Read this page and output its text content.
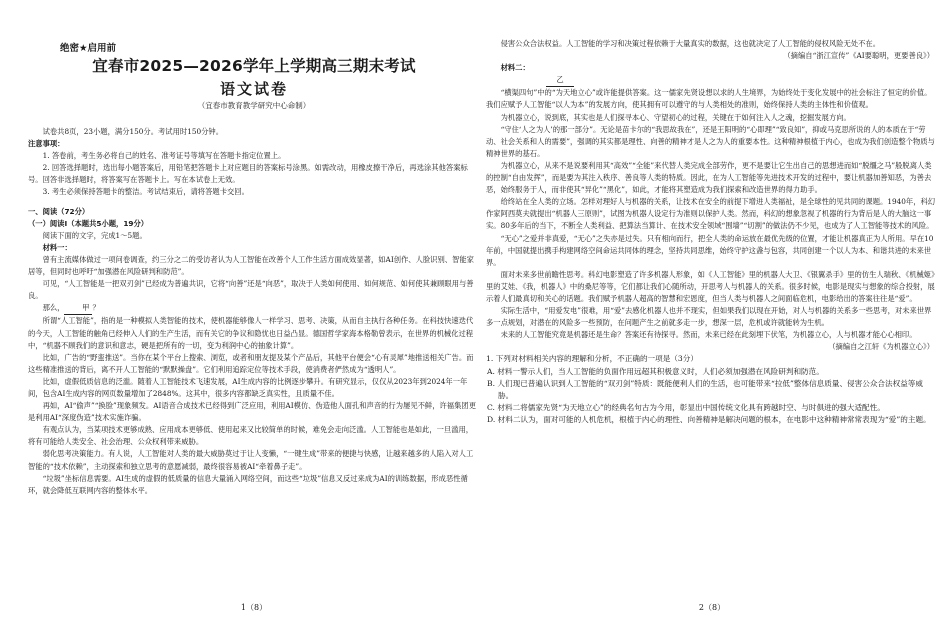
绝密★启用前
宜春市2025—2026学年上学期高三期末考试
语文试卷
（宜春市教育教学研究中心命制）

试卷共8页，23小题，满分150分。考试用时150分钟。

注意事项：

1. 答卷前，考生务必将自己的姓名、准考证号等填写在答题卡指定位置上。

2. 回答选择题时，选出每小题答案后，用铅笔把答题卡上对应题目的答案标号涂黑。如需改动，用橡皮擦干净后，再选涂其他答案标号。回答非选择题时，将答案写在答题卡上。写在本试卷上无效。

3. 考生必须保持答题卡的整洁。考试结束后，请将答题卡交回。

一、阅读（72分）

（一）阅读Ⅰ（本题共5小题，19分）

阅读下面的文字，完成1～5题。

材料一：

曾有主流媒体做过一项问卷调查，约三分之二的受访者认为人工智能在改善个人工作生活方面成效显著，如AI创作、人脸识别、智能家居等，但同时也呼吁“加强潜在风险研判和防范”。

可见，“人工智能是一把双刃剑”已经成为普遍共识，它将“向善”还是“向恶”，取决于人类如何使用、如何规范、如何使其兼顾眼用与善良。

那么， 甲 ？

所谓“人工智能”，指的是一种模拟人类智能的技术，使机器能够像人一样学习、思考、决策，从而自主执行各种任务。在科技快速迭代的今天，人工智能的触角已经伸入人们的生产生活，而有关它的争议和隐忧也日益凸显。德国哲学家海本格勒曾表示，在世界的机械化过程中，“机器不顾我们的意识和意志，硬是把所有的一切，变为利润中心的抽象计算”。

比如，广告的“野蛮推送”。当你在某个平台上搜索、浏览，或者和朋友提及某个产品后，其他平台便会“心有灵犀”地推送相关广告。而这些精准推送的背后，离不开人工智能的“默默操盘”。它们利用追踪定位等技术手段，使消费者俨然成为“透明人”。

比如，虚假低质信息的泛滥。随着人工智能技术飞速发展，AI生成内容的比例逐步攀升。有研究显示，仅仅从2023年到2024年一年间，包含AI生成内容的网页数量增加了2848%。这其中，很多内容都缺乏真实性，且质量不佳。

再如，AI“偷声”“换脸”现象频发。AI语音合成技术已经得到广泛应用，利用AI模仿、伪造他人面孔和声音的行为屡见不鲜，许福集团更是利用AI“深度伪造”技术实施诈骗。

有观点认为，当某项技术更够成熟、应用成本更够低、使用起来又比较简单的时候，难免会走向泛滥。人工智能也是如此，一旦滥用，将有可能给人类安全、社会治理、公众权利带来威胁。

弱化思考决策能力。有人说，人工智能对人类的最大威胁莫过于让人变懒，“一键生成”带来的便捷与快感，让越来越多的人陷入对人工智能的“技术依赖”，主动探索和独立思考的意愿减弱，最终很容易被AI“牵着鼻子走”。

“垃圾”坐标信息需要。AI生成的虚假的低质量的信息大量涌入网络空间，而这些“垃圾”信息又反过来成为AI的训练数据，形成恶性循环，就会降低互联网内容的整体水平。

1（8）

侵害公众合法权益。人工智能的学习和决策过程依赖于大量真实的数据，这也就决定了人工智能的侵权风险无处不在。

（摘编自“浙江宣传”《AI要聪明，更要善良》）

材料二：

乙

“横渠四句”中的“为天地立心”或许能提供答案。这一儒家先贤设想以求的人生境界，为始终处于变化发展中的社会标注了恒定的价值。我们应赋予人工智能“以人为本”的发展方向，使其拥有可以遵守的与人类相处的准则，始终保持人类的主体性和价值观。

为机器立心，说到底，其实也是人们探寻本心、守望初心的过程，关键在于如何注入人之魂，挖掘发展方向。

“守住‘人之为人’的那一部分”。无论是苗卡尔的“我思故我在”，还是王阳明的“心即理”“致良知”，抑或马克思所说的人的本质在于“劳动、社会关系和人的需要”，强调的其实都是理性、向善的精神才是人之为人的重要本性。这种精神根植于内心，也成为我们创造整个物质与精神世界的基石。

为机器立心，从来不是说要利用其“高效”“全能”来代替人类完成全部劳作，更不是要让它生出自己的思想进而如“脱缰之马”般脱离人类的控制“自由发挥”，而是要为其注入秩序、善良等人类的特质。因此，在为人工智能等先进技术开发的过程中，要让机器加善知恶，为善去恶，始终服务于人，而非使其“异化”“黑化”，如此，才能将其塑造成为我们探索和改造世界的得力助手。

给终站在全人类的立场。怎样对理好人与机器的关系，让技术在安全的前提下增进人类福祉，是全球性的见共同的课题。1940年，科幻作家阿西莫夫就提出“机器人三原则”，试图为机器人设定行为准则以保护人类。然而，科幻的想象忽视了机器的行为背后是人的大脑这一事实。80多年后的当下，不断全人类利益、把算法当算计、在技术安全领域“围墙”“切割”的做法仍不少见，也成为了人工智能等技术的风险。

“无心”之爱并非真爱，“无心”之失亦是过失。只有相向而行，把全人类的命运放在最优先级的位置，才能让机器真正为人所用。早在10年前，中国就提出携手构建网络空间命运共同体的理念，坚持共同思维，始终守护这盏与包容，共同创建一个以人为本、和谐共进的未来世界。

面对未来多世前瞻性思考。科幻电影塑造了许多机器人形象，如《人工智能》里的机器人大卫、《银翼杀手》里的仿生人瑞秋、《机械姬》里的艾娃、《我，机器人》中的桑尼等等，它们都让我们心随所动，开思考人与机器人的关系。很多时候，电影是现实与想象的综合投射，展示着人们最真切和关心的话题。我们赋予机器人超高的智慧和宏恩度，但当人类与机器人之间面临危机，电影给出的答案往往是“爱”。

实际生活中，“用爱发电”很难，用“爱”去感化机器人也并不现实，但如果我们以现在开始，对人与机器的关系多一些思考，对未来世界多一点规划，对潜在的风险多一些预防，在问题产生之前就多走一步，想深一层，危机或许就能转为生机。

未来的人工智能究竟是机器还是生命？答案还有待探寻。然而，未来已经在此刻埋下伏笔，为机器立心，人与机器才能心心相印。

（摘编自之江轩《为机器立心》）

1. 下列对材料相关内容的理解和分析，不正确的一项是（3分）

A. 材料一警示人们，当人工智能的负面作用远超其积极意义时，人们必须加强潜在风险研判和防范。

B. 人们现已普遍认识到人工智能的“双刃剑”特质：既能便利人们的生活，也可能带来“拉低”整体信息质量、侵害公众合法权益等威胁。

C. 材料二将儒家先贤“为天地立心”的经典名句古为今用，彰显出中国传统文化具有跨越时空、与时俱进的强大适配性。

D. 材料二认为，面对可能的人机危机，根植于内心的理性、向善精神是解决问题的根本，在电影中这种精神常常表现为“爱”的主题。

2（8）
